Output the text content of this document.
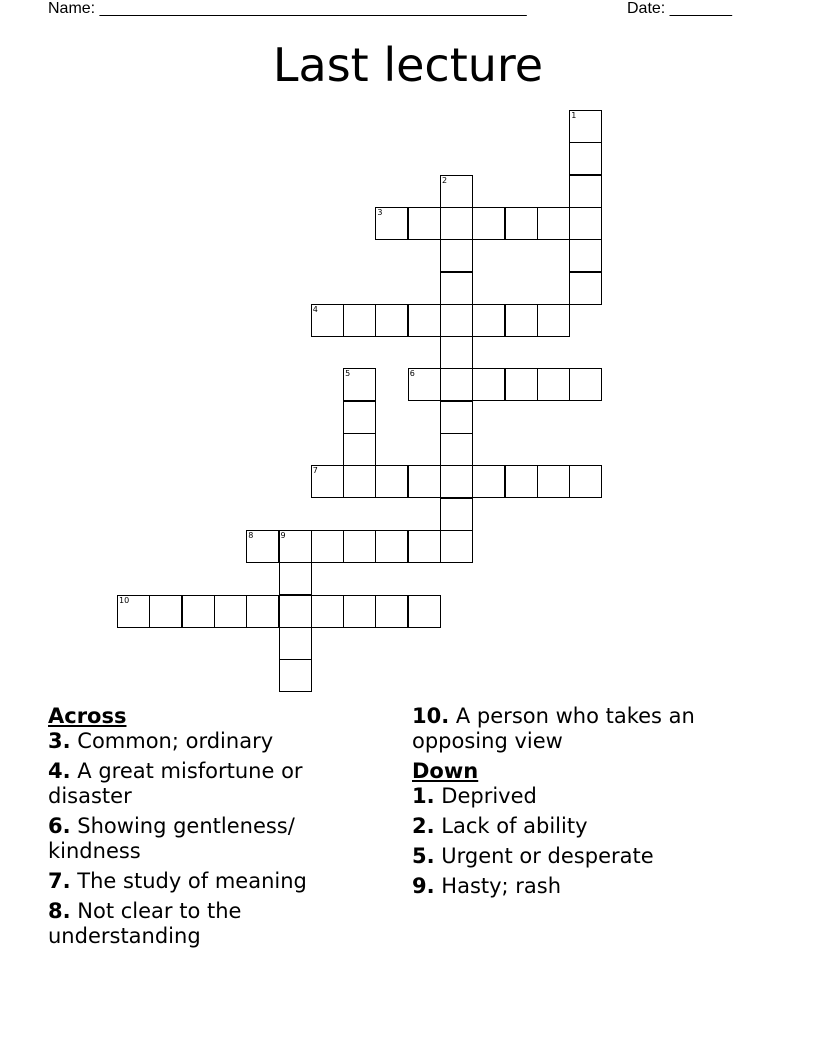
Name: ________________________________________________	Date: _______
Last lecture
1
2
3
4
5	6
7
8	9
10

Across

3. Common; ordinary

4. A great misfortune or disaster

6. Showing gentleness/ kindness

7. The study of meaning

8. Not clear to the understanding

10. A person who takes an opposing view

Down

1. Deprived

2. Lack of ability

5. Urgent or desperate

9. Hasty; rash
